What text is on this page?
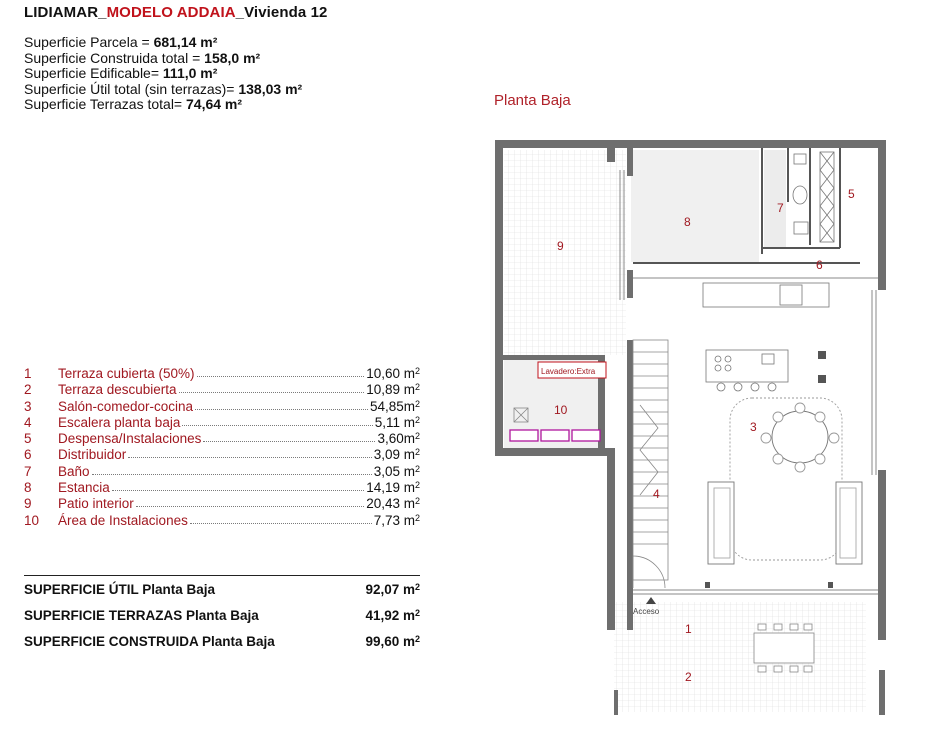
LIDIAMAR_MODELO ADDAIA_Vivienda 12
Superficie Parcela = 681,14 m²
Superficie Construida total = 158,0 m²
Superficie Edificable= 111,0 m²
Superficie Útil total (sin terrazas)= 138,03 m²
Superficie Terrazas total= 74,64 m²	Planta Baja
1	Terraza cubierta (50%)	10,60 $m^2$
2	Terraza descubierta	10,89 $m^2$
3	Salón-comedor-cocina	$54,85m^2$
4	Escalera planta baja	5,11 $m^2$
5	Despensa/Instalaciones	$3,60m^2$
6	Distribuidor	3,09 $m^2$
7	Baño	3,05 $m^2$
8	Estancia	14,19 $m^2$
9	Patio interior	20,43 $m^2$
10	Área de Instalaciones	7,73 $m^2$
SUPERFICIE ÚTIL Planta Baja	92,07 $m^2$
SUPERFICIE TERRAZAS Planta Baja	41,92 $m^2$
SUPERFICIE CONSTRUIDA Planta Baja	99,60 $m^2$
Acceso
Lavadero:Extra
8
9
7
5
6
3
4
10
1
2
